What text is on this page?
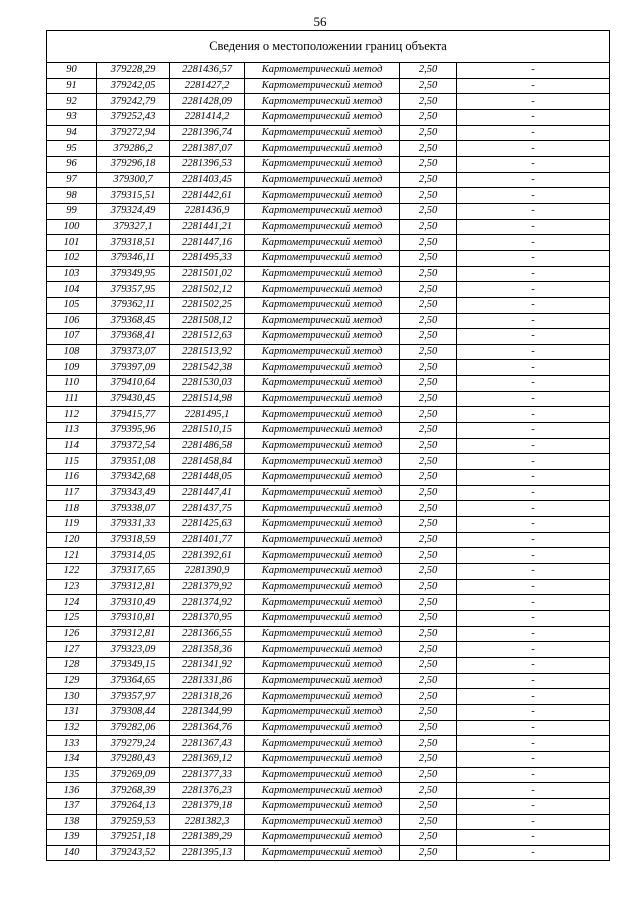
56
Сведения о местоположении границ объекта					
90	379228,29	2281436,57	Картометрический метод	2,50	-
91	379242,05	2281427,2	Картометрический метод	2,50	-
92	379242,79	2281428,09	Картометрический метод	2,50	-
93	379252,43	2281414,2	Картометрический метод	2,50	-
94	379272,94	2281396,74	Картометрический метод	2,50	-
95	379286,2	2281387,07	Картометрический метод	2,50	-
96	379296,18	2281396,53	Картометрический метод	2,50	-
97	379300,7	2281403,45	Картометрический метод	2,50	-
98	379315,51	2281442,61	Картометрический метод	2,50	-
99	379324,49	2281436,9	Картометрический метод	2,50	-
100	379327,1	2281441,21	Картометрический метод	2,50	-
101	379318,51	2281447,16	Картометрический метод	2,50	-
102	379346,11	2281495,33	Картометрический метод	2,50	-
103	379349,95	2281501,02	Картометрический метод	2,50	-
104	379357,95	2281502,12	Картометрический метод	2,50	-
105	379362,11	2281502,25	Картометрический метод	2,50	-
106	379368,45	2281508,12	Картометрический метод	2,50	-
107	379368,41	2281512,63	Картометрический метод	2,50	-
108	379373,07	2281513,92	Картометрический метод	2,50	-
109	379397,09	2281542,38	Картометрический метод	2,50	-
110	379410,64	2281530,03	Картометрический метод	2,50	-
111	379430,45	2281514,98	Картометрический метод	2,50	-
112	379415,77	2281495,1	Картометрический метод	2,50	-
113	379395,96	2281510,15	Картометрический метод	2,50	-
114	379372,54	2281486,58	Картометрический метод	2,50	-
115	379351,08	2281458,84	Картометрический метод	2,50	-
116	379342,68	2281448,05	Картометрический метод	2,50	-
117	379343,49	2281447,41	Картометрический метод	2,50	-
118	379338,07	2281437,75	Картометрический метод	2,50	-
119	379331,33	2281425,63	Картометрический метод	2,50	-
120	379318,59	2281401,77	Картометрический метод	2,50	-
121	379314,05	2281392,61	Картометрический метод	2,50	-
122	379317,65	2281390,9	Картометрический метод	2,50	-
123	379312,81	2281379,92	Картометрический метод	2,50	-
124	379310,49	2281374,92	Картометрический метод	2,50	-
125	379310,81	2281370,95	Картометрический метод	2,50	-
126	379312,81	2281366,55	Картометрический метод	2,50	-
127	379323,09	2281358,36	Картометрический метод	2,50	-
128	379349,15	2281341,92	Картометрический метод	2,50	-
129	379364,65	2281331,86	Картометрический метод	2,50	-
130	379357,97	2281318,26	Картометрический метод	2,50	-
131	379308,44	2281344,99	Картометрический метод	2,50	-
132	379282,06	2281364,76	Картометрический метод	2,50	-
133	379279,24	2281367,43	Картометрический метод	2,50	-
134	379280,43	2281369,12	Картометрический метод	2,50	-
135	379269,09	2281377,33	Картометрический метод	2,50	-
136	379268,39	2281376,23	Картометрический метод	2,50	-
137	379264,13	2281379,18	Картометрический метод	2,50	-
138	379259,53	2281382,3	Картометрический метод	2,50	-
139	379251,18	2281389,29	Картометрический метод	2,50	-
140	379243,52	2281395,13	Картометрический метод	2,50	-
